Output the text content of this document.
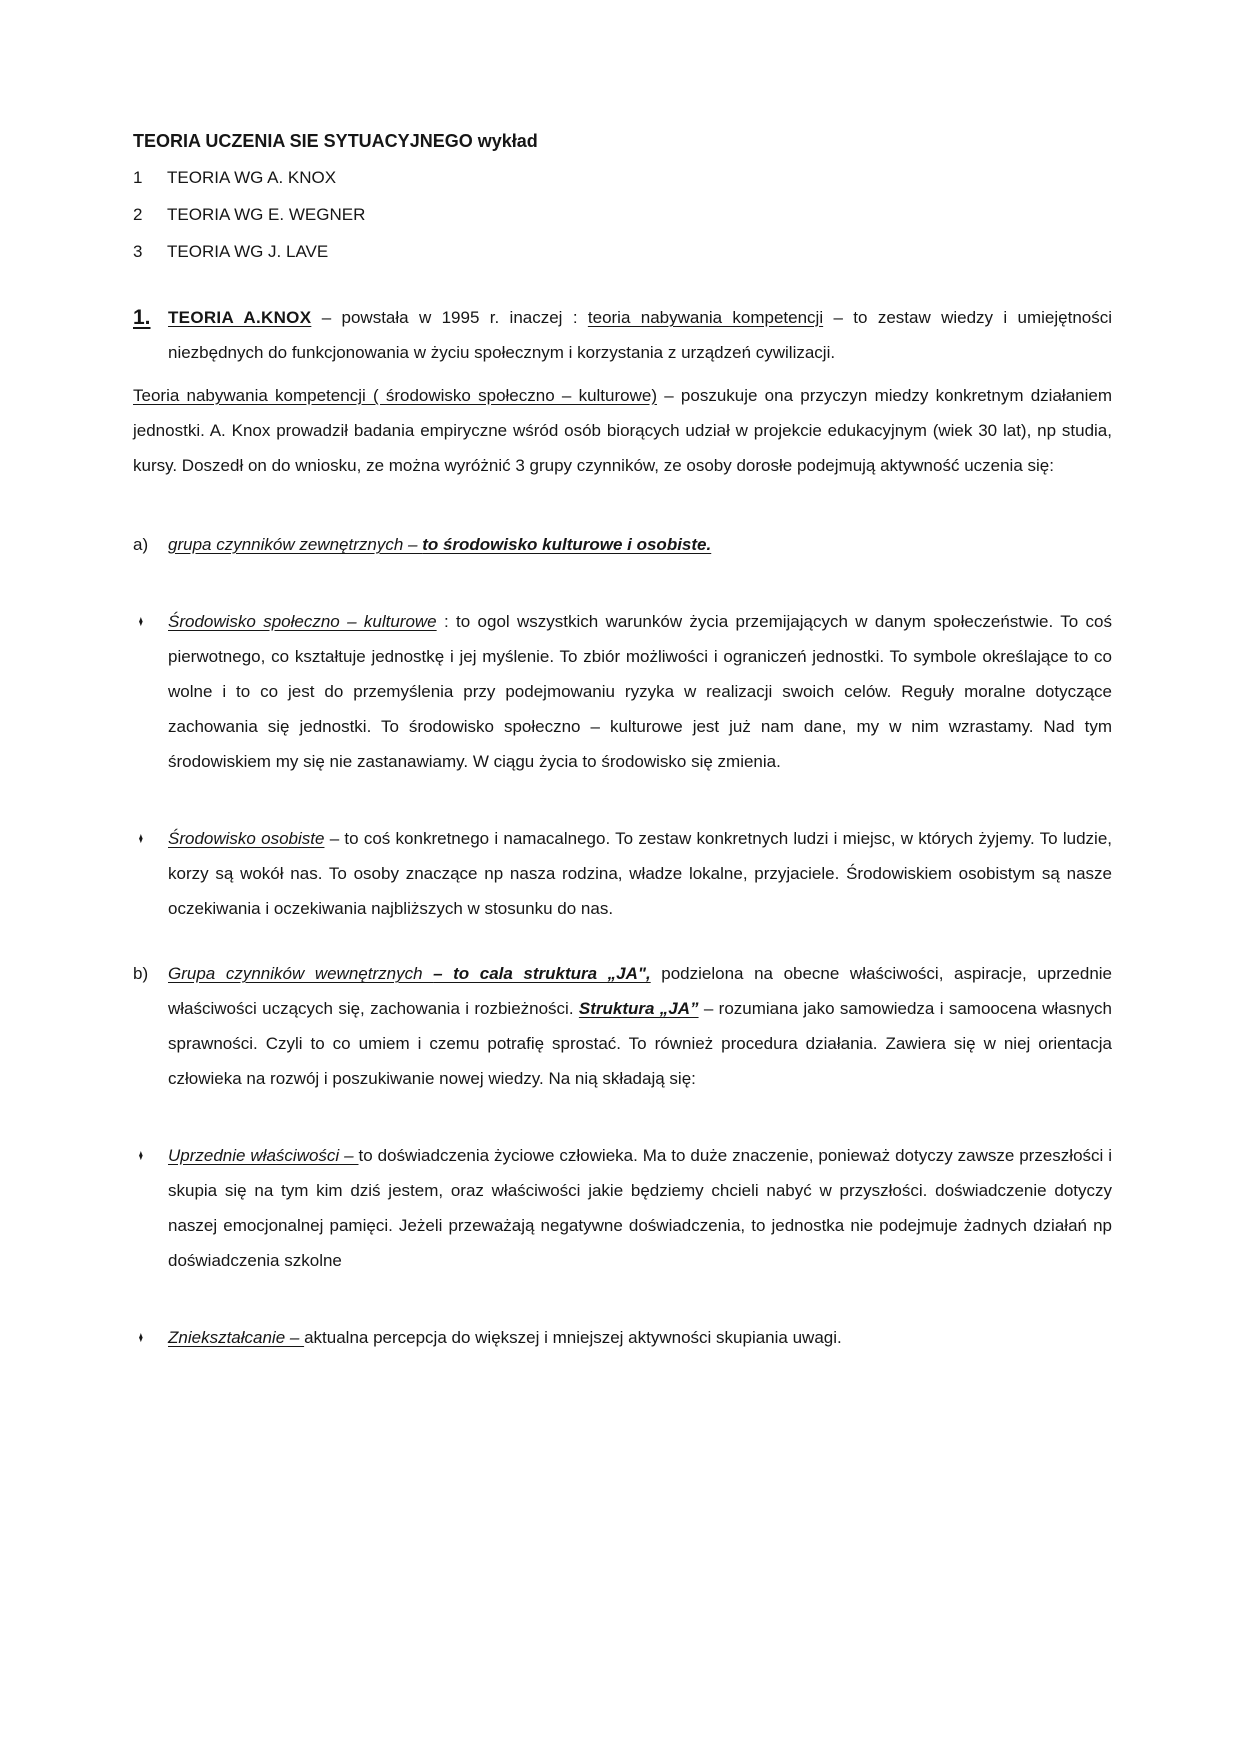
TEORIA UCZENIA SIE SYTUACYJNEGO wykład
1	TEORIA WG A. KNOX
2	TEORIA WG E. WEGNER
3	TEORIA WG J. LAVE
1. TEORIA A.KNOX – powstała w 1995 r. inaczej : teoria nabywania kompetencji – to zestaw wiedzy i umiejętności niezbędnych do funkcjonowania w życiu społecznym i korzystania z urządzeń cywilizacji.
Teoria nabywania kompetencji ( środowisko społeczno – kulturowe) – poszukuje ona przyczyn miedzy konkretnym działaniem jednostki. A. Knox prowadził badania empiryczne wśród osób biorących udział w projekcie edukacyjnym (wiek 30 lat), np studia, kursy. Doszedł on do wniosku, ze można wyróżnić 3 grupy czynników, ze osoby dorosłe podejmują aktywność uczenia się:
a) grupa czynników zewnętrznych – to środowisko kulturowe i osobiste.
♦ Środowisko społeczno – kulturowe : to ogol wszystkich warunków życia przemijających w danym społeczeństwie. To coś pierwotnego, co kształtuje jednostkę i jej myślenie. To zbiór możliwości i ograniczeń jednostki. To symbole określające to co wolne i to co jest do przemyślenia przy podejmowaniu ryzyka w realizacji swoich celów. Reguły moralne dotyczące zachowania się jednostki. To środowisko społeczno – kulturowe jest już nam dane, my w nim wzrastamy. Nad tym środowiskiem my się nie zastanawiamy. W ciągu życia to środowisko się zmienia.
♦ Środowisko osobiste – to coś konkretnego i namacalnego. To zestaw konkretnych ludzi i miejsc, w których żyjemy. To ludzie, korzy są wokół nas. To osoby znaczące np nasza rodzina, władze lokalne, przyjaciele. Środowiskiem osobistym są nasze oczekiwania i oczekiwania najbliższych w stosunku do nas.
b) Grupa czynników wewnętrznych – to cala struktura „JA", podzielona na obecne właściwości, aspiracje, uprzednie właściwości uczących się, zachowania i rozbieżności. Struktura „JA” – rozumiana jako samowiedza i samoocena własnych sprawności. Czyli to co umiem i czemu potrafię sprostać. To również procedura działania. Zawiera się w niej orientacja człowieka na rozwój i poszukiwanie nowej wiedzy. Na nią składają się:
♦ Uprzednie właściwości – to doświadczenia życiowe człowieka. Ma to duże znaczenie, ponieważ dotyczy zawsze przeszłości i skupia się na tym kim dziś jestem, oraz właściwości jakie będziemy chcieli nabyć w przyszłości. doświadczenie dotyczy naszej emocjonalnej pamięci. Jeżeli przeważają negatywne doświadczenia, to jednostka nie podejmuje żadnych działań np doświadczenia szkolne
♦ Zniekształcanie – aktualna percepcja do większej i mniejszej aktywności skupiania uwagi.
